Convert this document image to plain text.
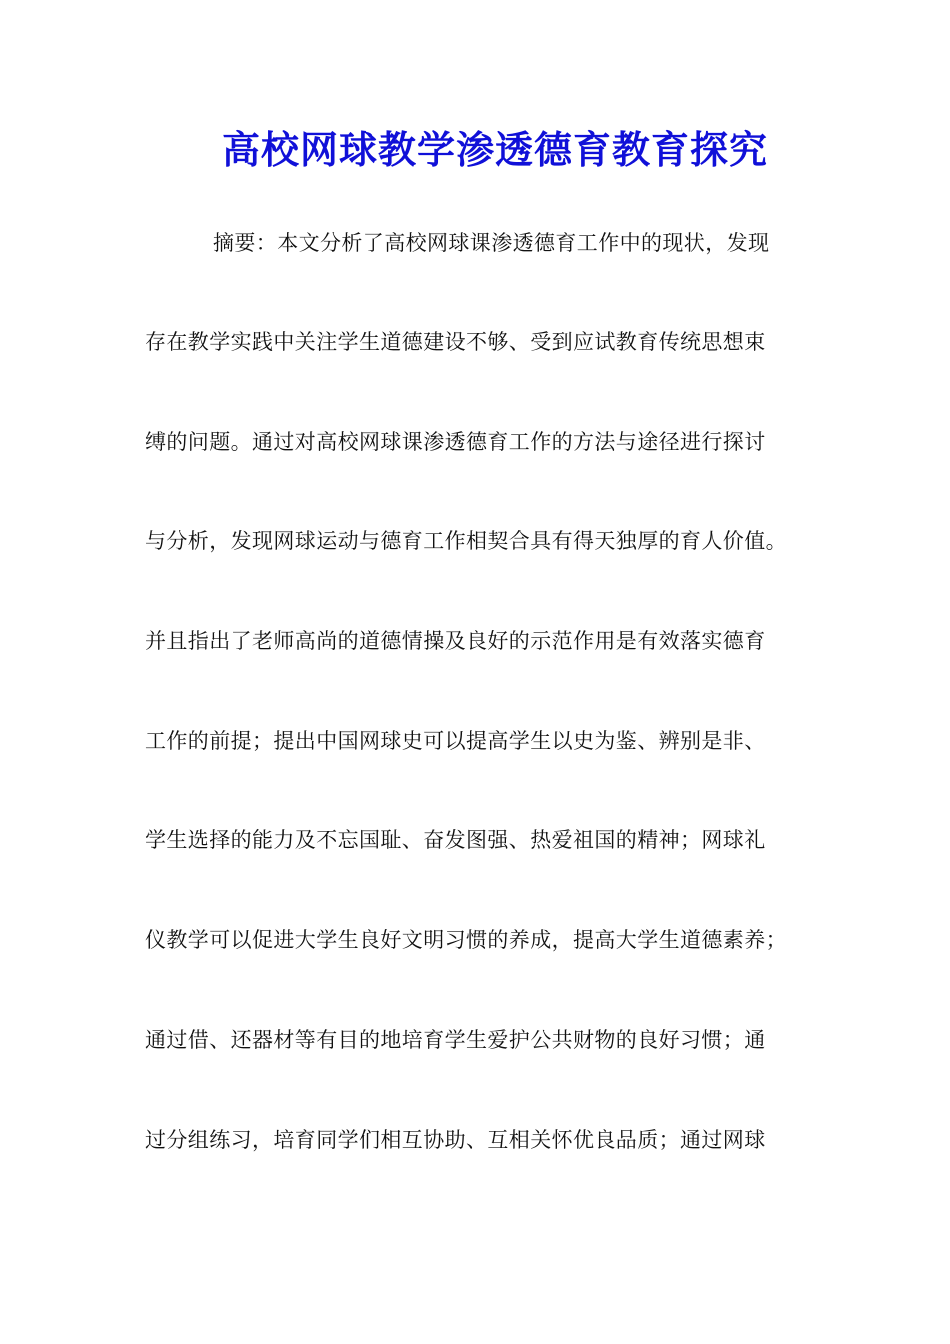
高校网球教学渗透德育教育探究

摘要：本文分析了高校网球课渗透德育工作中的现状，发现

存在教学实践中关注学生道德建设不够、受到应试教育传统思想束

缚的问题。通过对高校网球课渗透德育工作的方法与途径进行探讨

与分析，发现网球运动与德育工作相契合具有得天独厚的育人价值。

并且指出了老师高尚的道德情操及良好的示范作用是有效落实德育

工作的前提；提出中国网球史可以提高学生以史为鉴、辨别是非、

学生选择的能力及不忘国耻、奋发图强、热爱祖国的精神；网球礼

仪教学可以促进大学生良好文明习惯的养成，提高大学生道德素养；

通过借、还器材等有目的地培育学生爱护公共财物的良好习惯；通

过分组练习，培育同学们相互协助、互相关怀优良品质；通过网球
